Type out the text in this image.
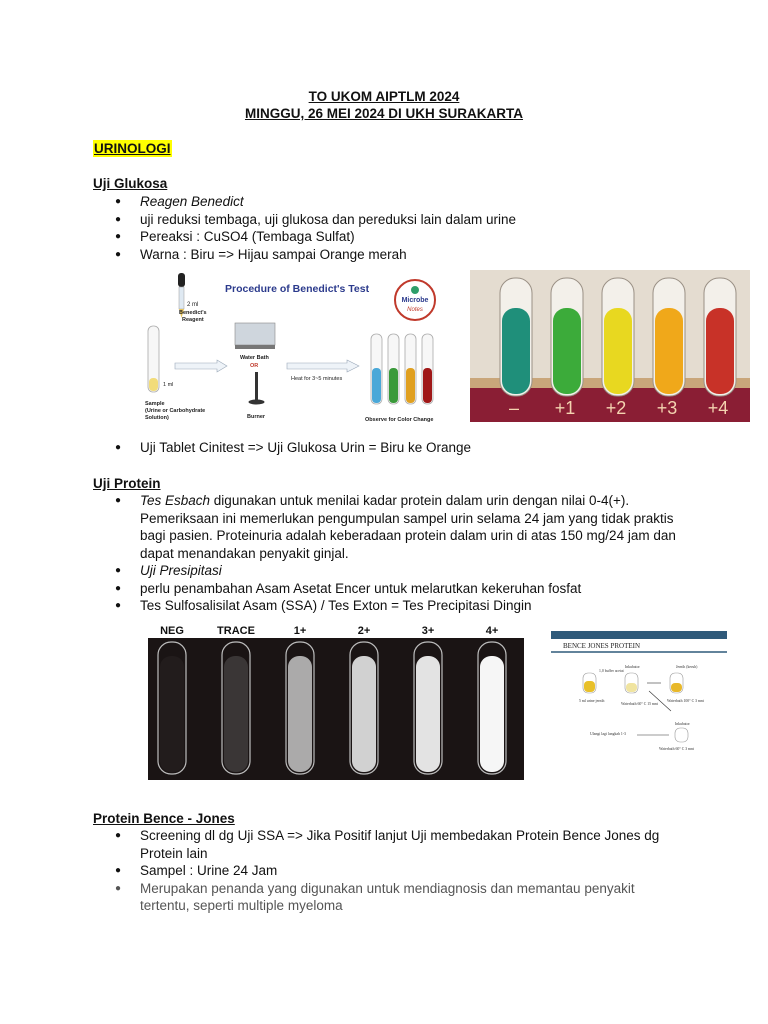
TO UKOM AIPTLM 2024
MINGGU, 26 MEI 2024 DI UKH SURAKARTA
URINOLOGI
Uji Glukosa
● Reagen Benedict
● uji reduksi tembaga, uji glukosa dan pereduksi lain dalam urine
● Pereaksi : CuSO4 (Tembaga Sulfat)
● Warna : Biru => Hijau sampai Orange merah
Procedure of Benedict's Test
Microbe
Notes
2 ml
Benedict's
Reagent
1 ml
Sample
(Urine or Carbohydrate
Solution)
Water Bath
OR
Burner
Heat for 3~5 minutes
Observe for Color Change
– +1 +2 +3 +4
● Uji Tablet Cinitest => Uji Glukosa Urin = Biru ke Orange
Uji Protein
● Tes Esbach digunakan untuk menilai kadar protein dalam urin dengan nilai 0-4(+). Pemeriksaan ini memerlukan pengumpulan sampel urin selama 24 jam yang tidak praktis bagi pasien. Proteinuria adalah keberadaan protein dalam urin di atas 150 mg/24 jam dan dapat menandakan penyakit ginjal.
● Uji Presipitasi
● perlu penambahan Asam Asetat Encer untuk melarutkan kekeruhan fosfat
● Tes Sulfosalisilat Asam (SSA) / Tes Exton = Tes Precipitasi Dingin
NEG	TRACE	1+	2+	3+	4+
BENCE JONES PROTEIN
5 ml urine jernih
1,0 buffer acetat
Inkubator
Waterbath 60° C 15 mnt
Jernih (keruh)
Waterbath 100° C 3 mnt
Inkubator
Ulangi lagi langkah 1-3
Waterbath 60° C 3 mnt
Protein Bence - Jones
● Screening dl dg Uji SSA => Jika Positif lanjut Uji membedakan Protein Bence Jones dg Protein lain
● Sampel : Urine 24 Jam
● Merupakan penanda yang digunakan untuk mendiagnosis dan memantau penyakit tertentu, seperti multiple myeloma
